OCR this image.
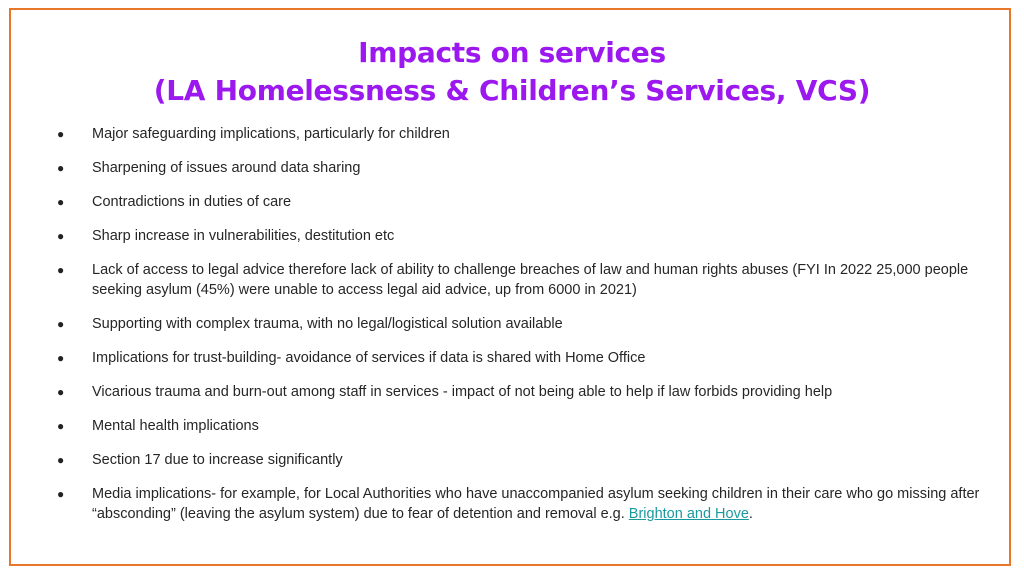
Impacts on services
(LA Homelessness & Children’s Services, VCS)
● Major safeguarding implications, particularly for children
● Sharpening of issues around data sharing
● Contradictions in duties of care
● Sharp increase in vulnerabilities, destitution etc
● Lack of access to legal advice therefore lack of ability to challenge breaches of law and human rights abuses (FYI In 2022 25,000 people seeking asylum (45%) were unable to access legal aid advice, up from 6000 in 2021)
● Supporting with complex trauma, with no legal/logistical solution available
● Implications for trust-building- avoidance of services if data is shared with Home Office
● Vicarious trauma and burn-out among staff in services - impact of not being able to help if law forbids providing help
● Mental health implications
● Section 17 due to increase significantly
● Media implications- for example, for Local Authorities who have unaccompanied asylum seeking children in their care who go missing after “absconding” (leaving the asylum system) due to fear of detention and removal e.g. Brighton and Hove.
